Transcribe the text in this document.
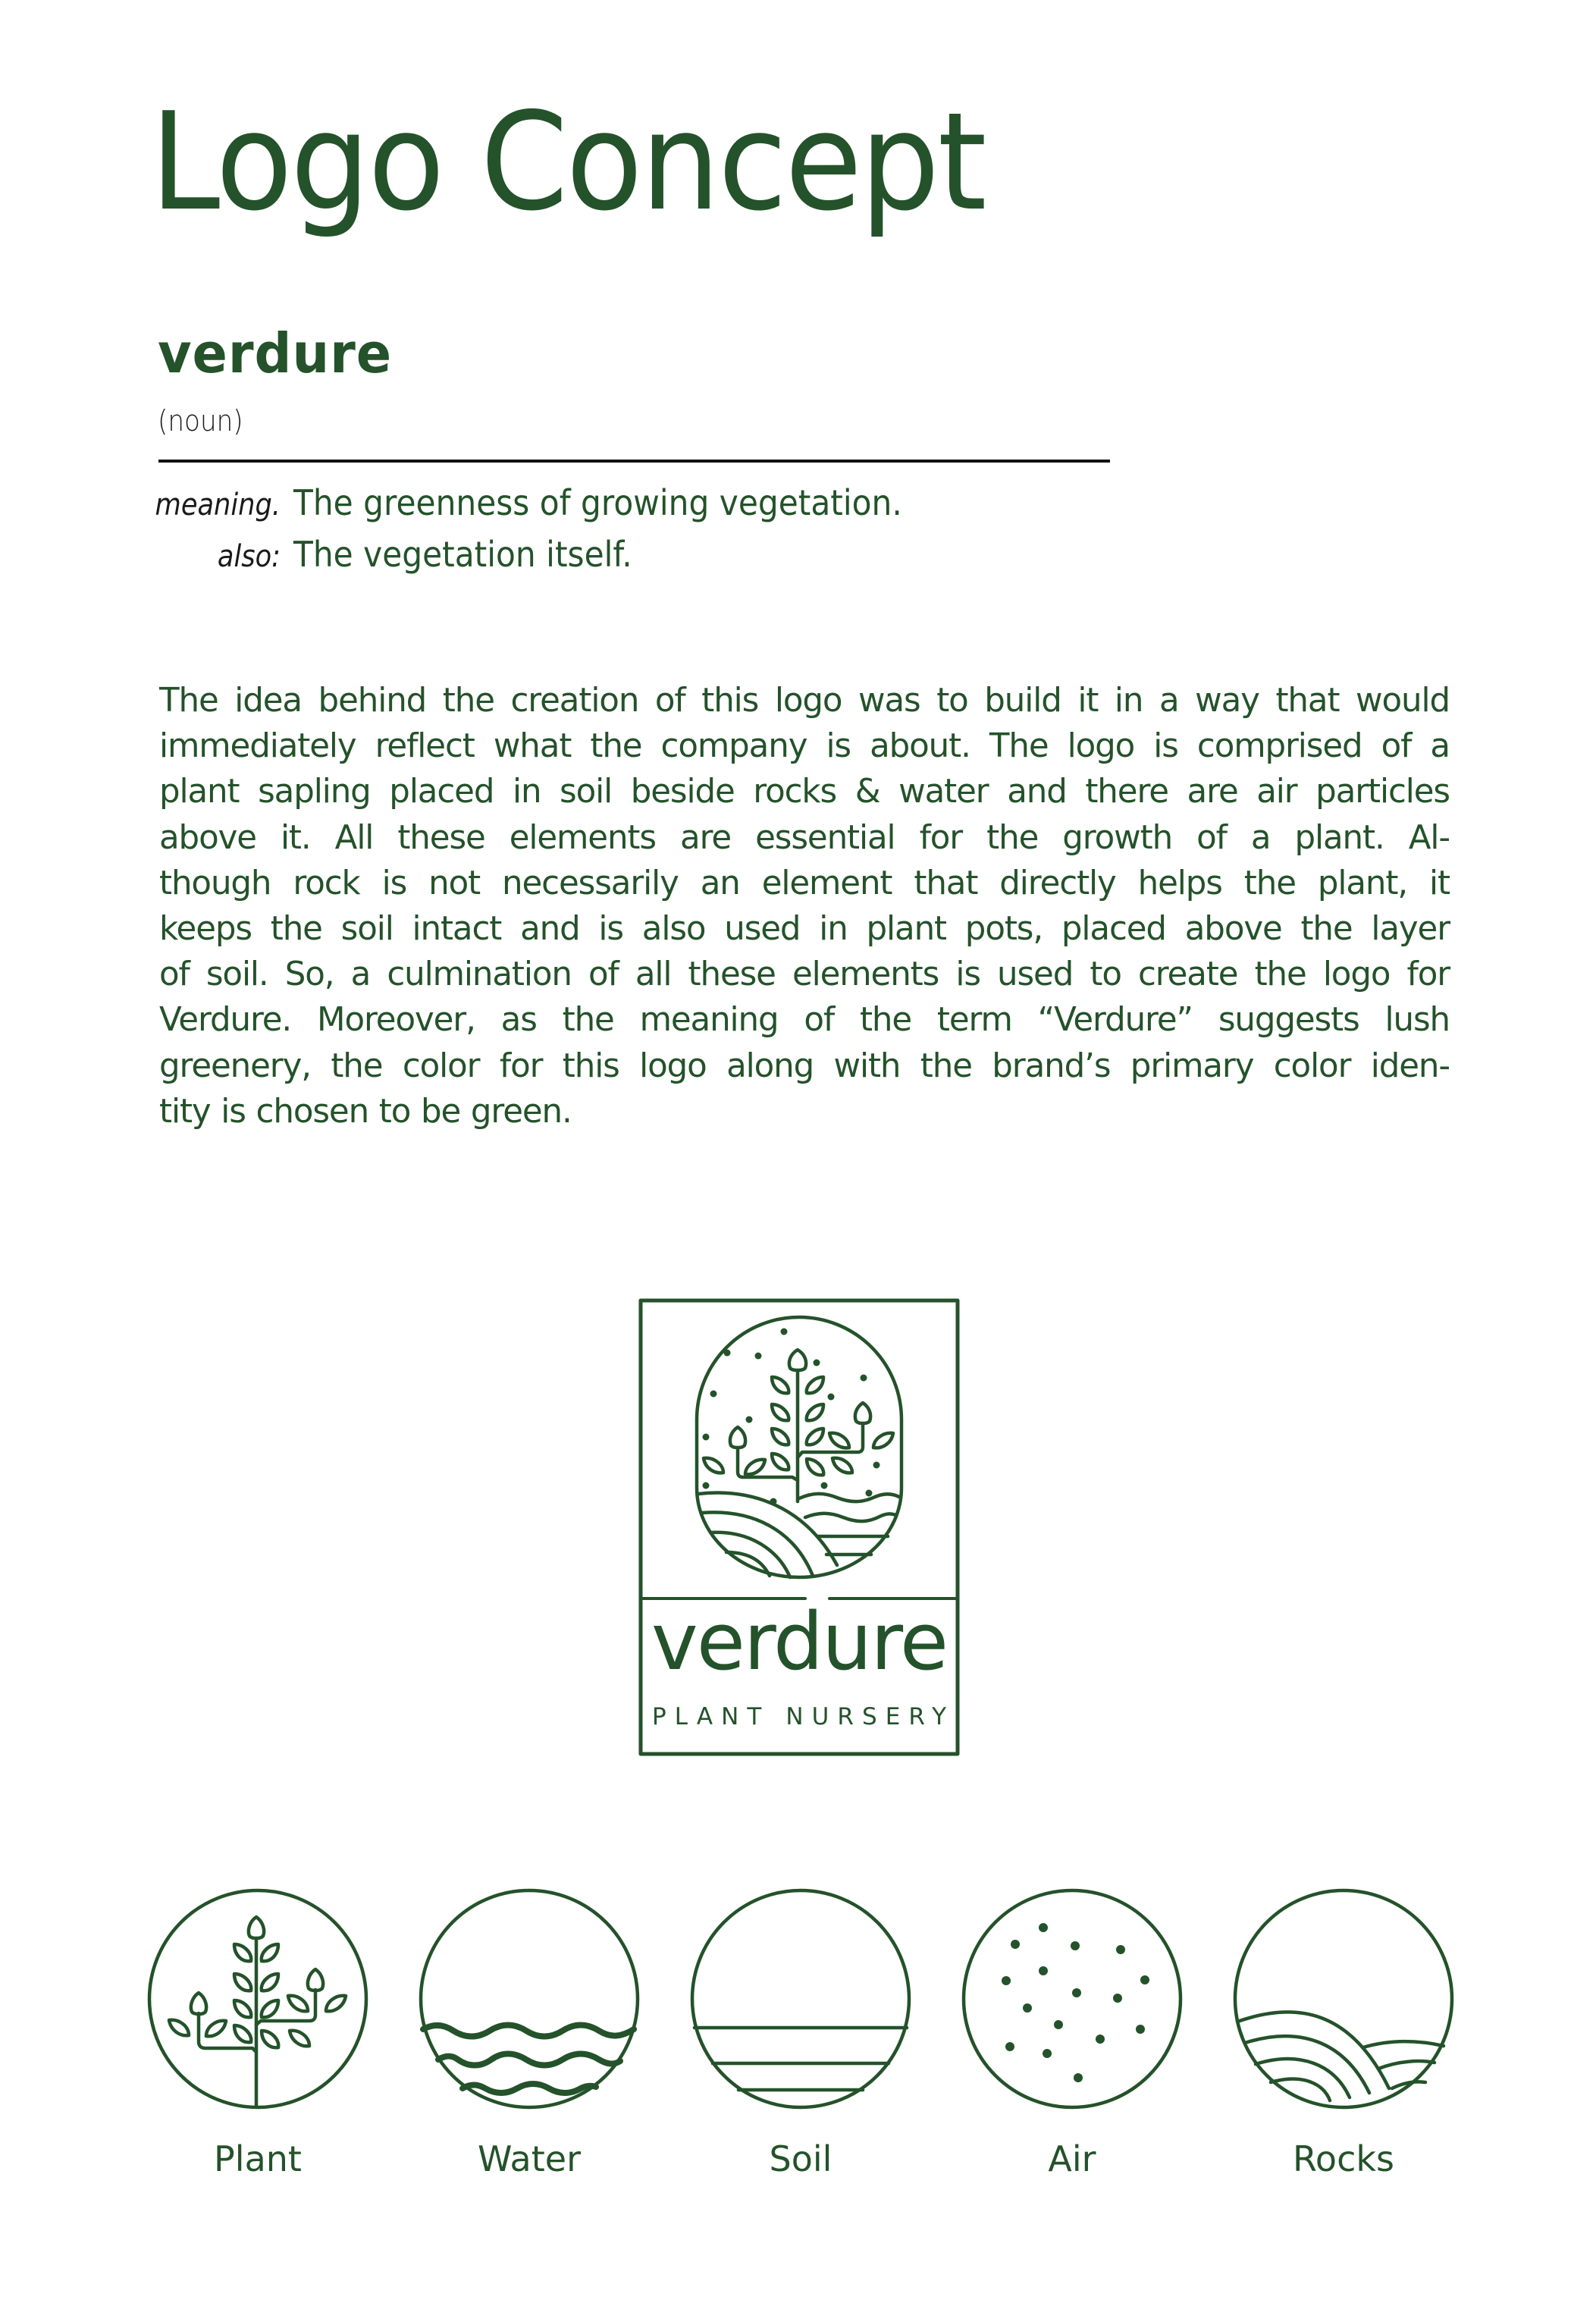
Logo Concept
verdure
(noun)
meaning. The greenness of growing vegetation.
also: The vegetation itself.
The idea behind the creation of this logo was to build it in a way that would
immediately reflect what the company is about. The logo is comprised of a
plant sapling placed in soil beside rocks & water and there are air particles
above it. All these elements are essential for the growth of a plant. Al-
though rock is not necessarily an element that directly helps the plant, it
keeps the soil intact and is also used in plant pots, placed above the layer
of soil. So, a culmination of all these elements is used to create the logo for
Verdure. Moreover, as the meaning of the term “Verdure” suggests lush
greenery, the color for this logo along with the brand’s primary color iden-
tity is chosen to be green.
verdure
PLANT NURSERY
Plant	Water	Soil	Air	Rocks
